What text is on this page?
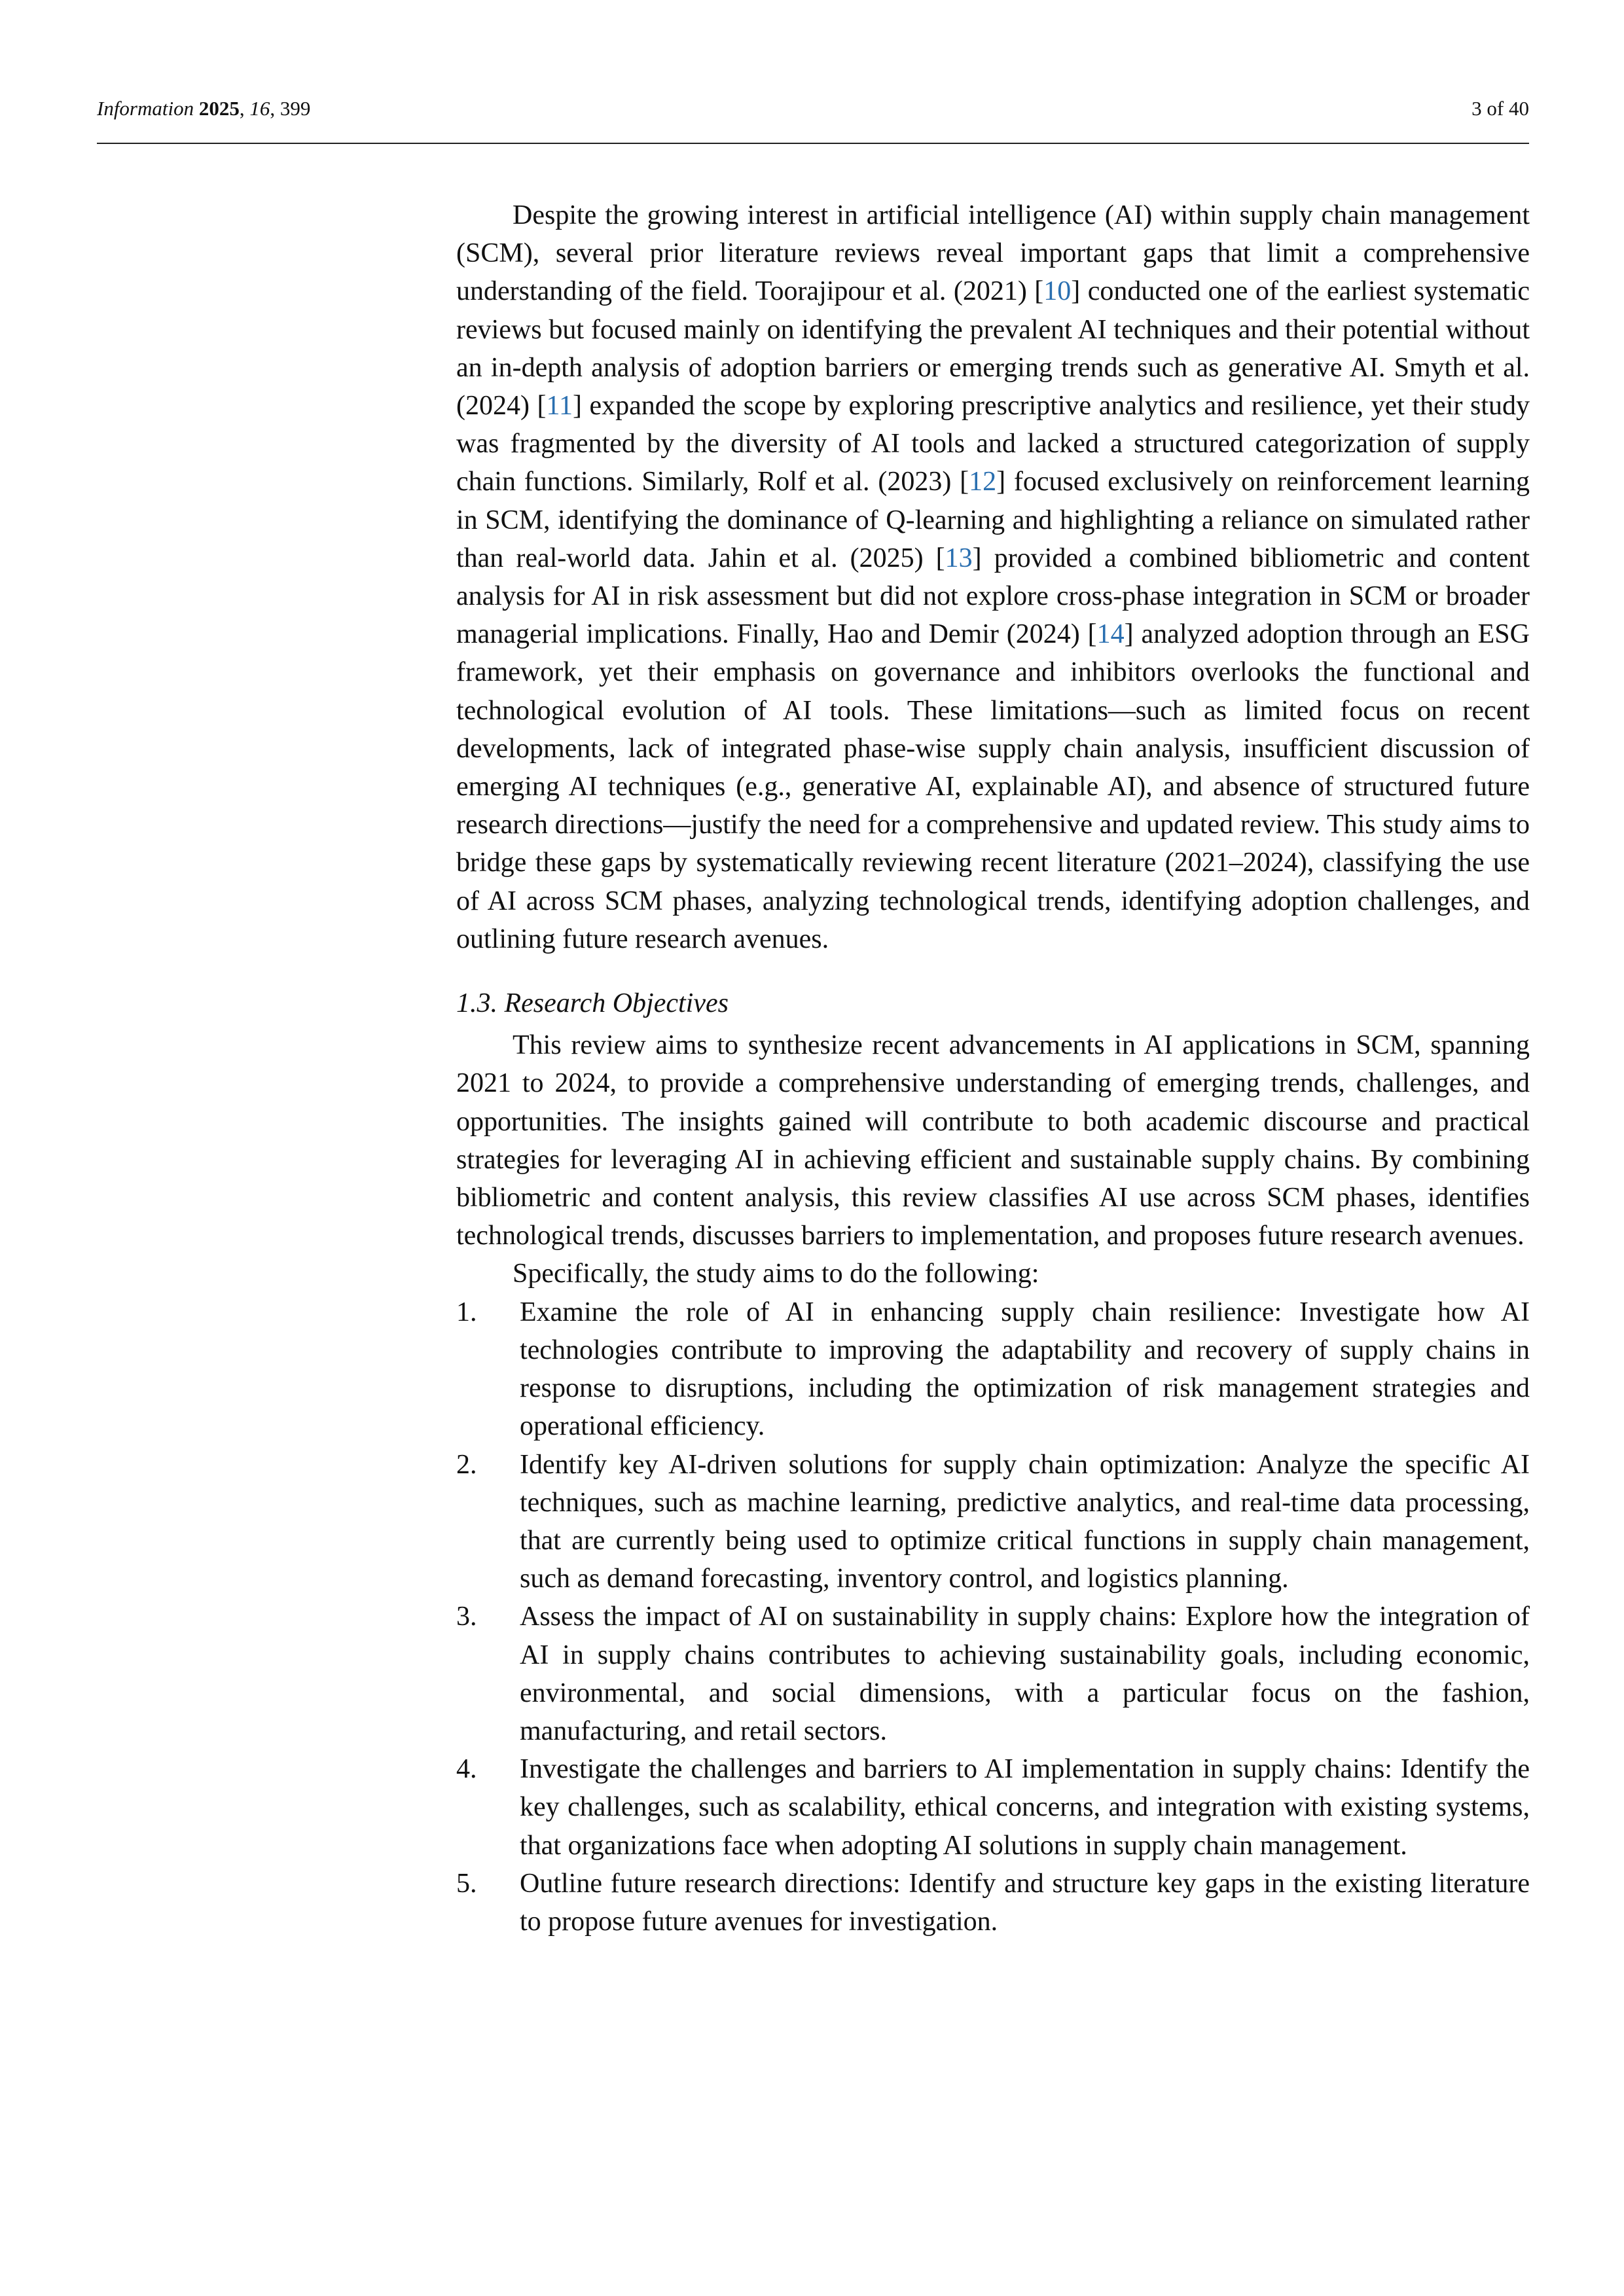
Information 2025, 16, 399	3 of 40

Despite the growing interest in artificial intelligence (AI) within supply chain management (SCM), several prior literature reviews reveal important gaps that limit a comprehensive understanding of the field. Toorajipour et al. (2021) [10] conducted one of the earliest systematic reviews but focused mainly on identifying the prevalent AI techniques and their potential without an in-depth analysis of adoption barriers or emerging trends such as generative AI. Smyth et al. (2024) [11] expanded the scope by exploring prescriptive analytics and resilience, yet their study was fragmented by the diversity of AI tools and lacked a structured categorization of supply chain functions. Similarly, Rolf et al. (2023) [12] focused exclusively on reinforcement learning in SCM, identifying the dominance of Q-learning and highlighting a reliance on simulated rather than real-world data. Jahin et al. (2025) [13] provided a combined bibliometric and content analysis for AI in risk assessment but did not explore cross-phase integration in SCM or broader managerial implications. Finally, Hao and Demir (2024) [14] analyzed adoption through an ESG framework, yet their emphasis on governance and inhibitors overlooks the functional and technological evolution of AI tools. These limitations—such as limited focus on recent developments, lack of integrated phase-wise supply chain analysis, insufficient discussion of emerging AI techniques (e.g., generative AI, explainable AI), and absence of structured future research directions—justify the need for a comprehensive and updated review. This study aims to bridge these gaps by systematically reviewing recent literature (2021–2024), classifying the use of AI across SCM phases, analyzing technological trends, identifying adoption challenges, and outlining future research avenues.

1.3. Research Objectives

This review aims to synthesize recent advancements in AI applications in SCM, spanning 2021 to 2024, to provide a comprehensive understanding of emerging trends, challenges, and opportunities. The insights gained will contribute to both academic discourse and practical strategies for leveraging AI in achieving efficient and sustainable supply chains. By combining bibliometric and content analysis, this review classifies AI use across SCM phases, identifies technological trends, discusses barriers to implementation, and proposes future research avenues.

Specifically, the study aims to do the following:

1. Examine the role of AI in enhancing supply chain resilience: Investigate how AI technologies contribute to improving the adaptability and recovery of supply chains in response to disruptions, including the optimization of risk management strategies and operational efficiency.
2. Identify key AI-driven solutions for supply chain optimization: Analyze the specific AI techniques, such as machine learning, predictive analytics, and real-time data processing, that are currently being used to optimize critical functions in supply chain management, such as demand forecasting, inventory control, and logistics planning.
3. Assess the impact of AI on sustainability in supply chains: Explore how the integration of AI in supply chains contributes to achieving sustainability goals, including economic, environmental, and social dimensions, with a particular focus on the fashion, manufacturing, and retail sectors.
4. Investigate the challenges and barriers to AI implementation in supply chains: Identify the key challenges, such as scalability, ethical concerns, and integration with existing systems, that organizations face when adopting AI solutions in supply chain management.
5. Outline future research directions: Identify and structure key gaps in the existing literature to propose future avenues for investigation.
